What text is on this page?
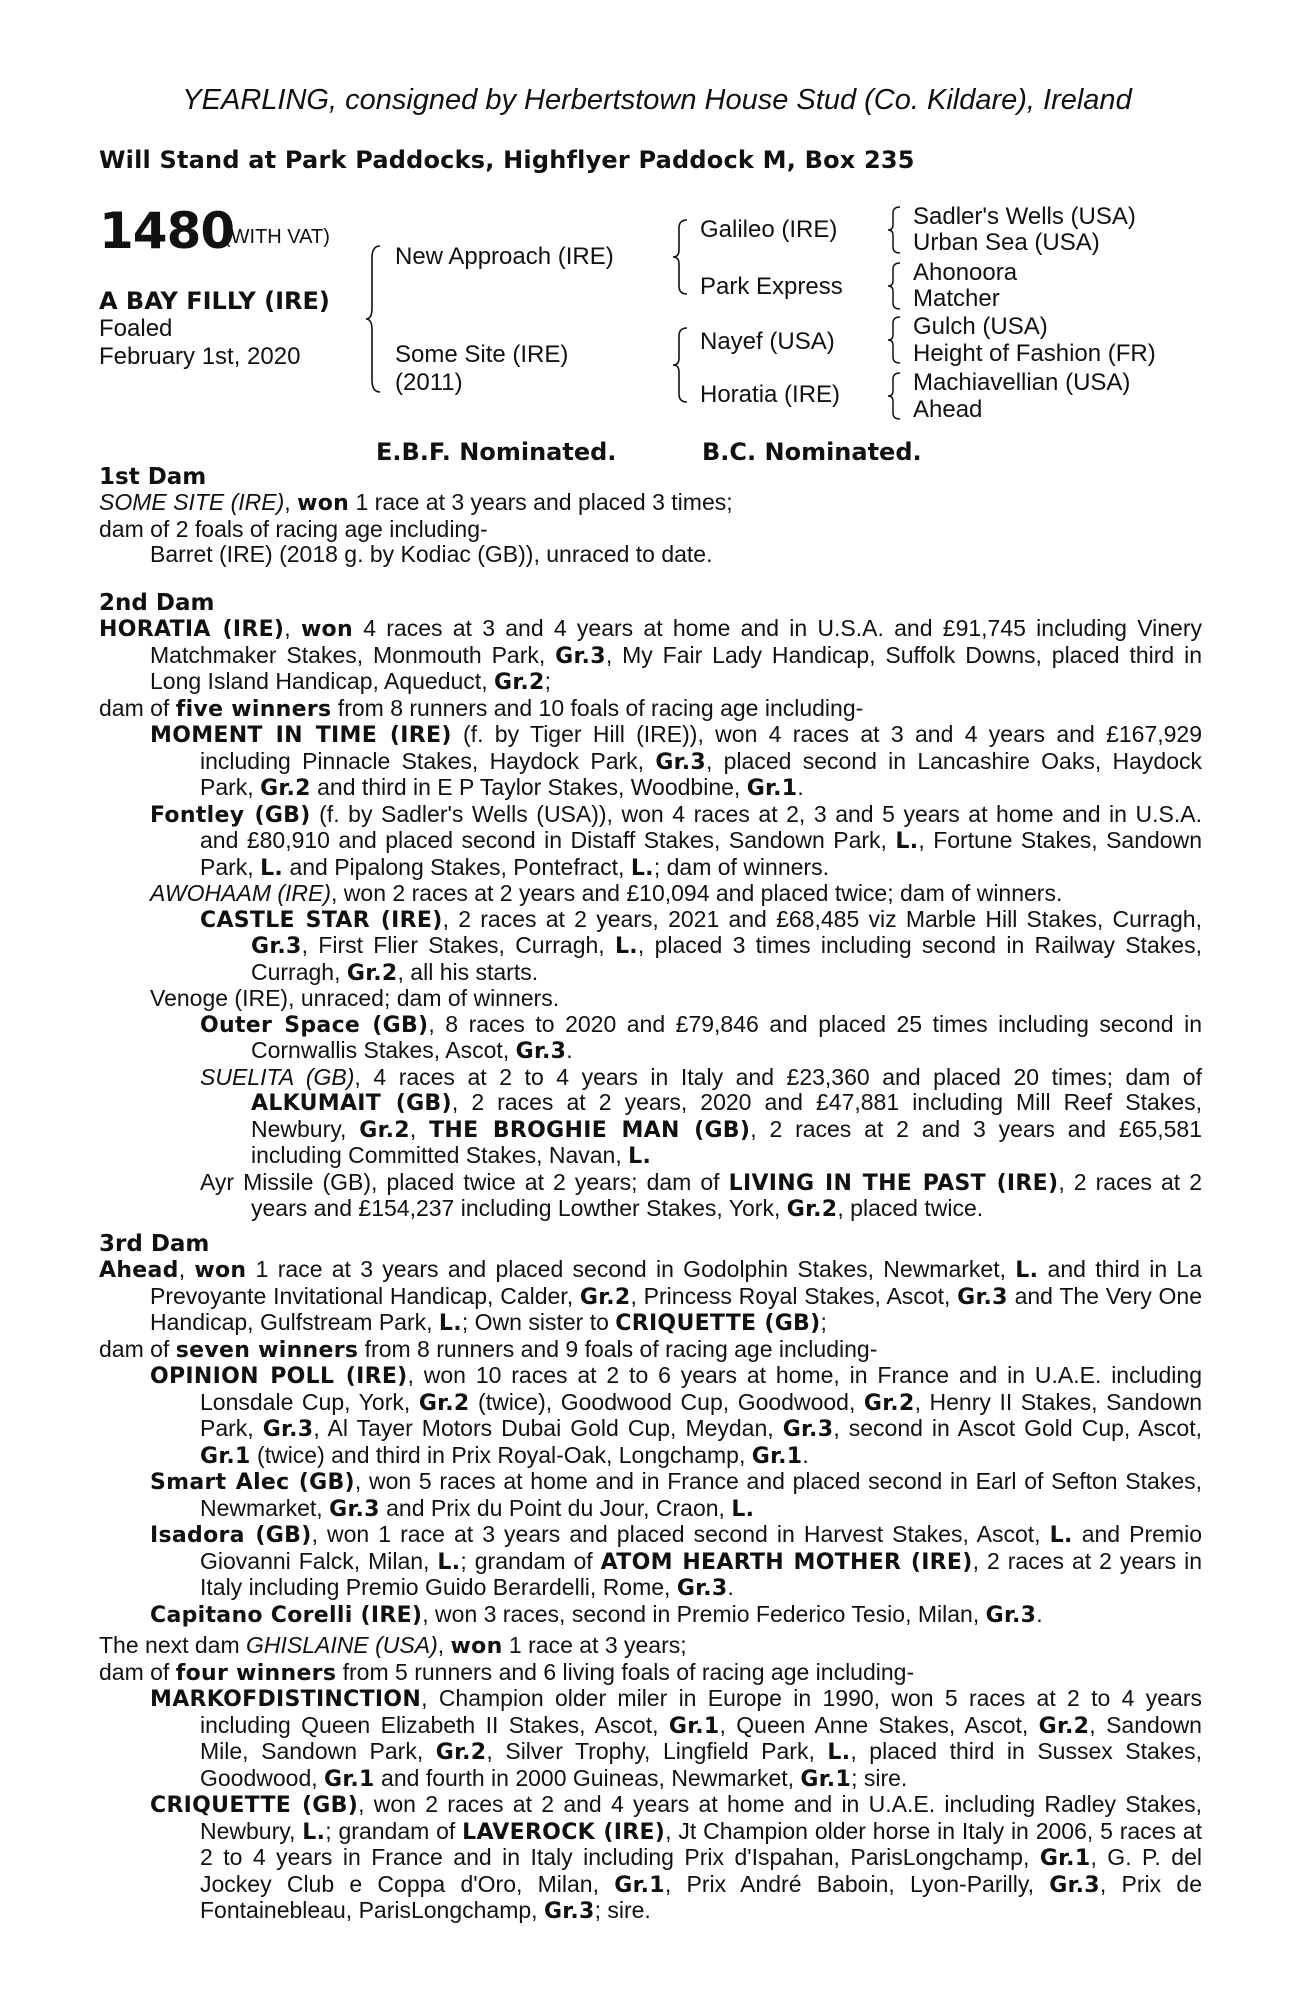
YEARLING, consigned by Herbertstown House Stud (Co. Kildare), Ireland
Will Stand at Park Paddocks, Highflyer Paddock M, Box 235
1480
(WITH VAT)
A BAY FILLY (IRE)
Foaled
February 1st, 2020
New Approach (IRE)
Some Site (IRE)
(2011)
Galileo (IRE)
Park Express
Nayef (USA)
Horatia (IRE)
Sadler's Wells (USA)
Urban Sea (USA)
Ahonoora
Matcher
Gulch (USA)
Height of Fashion (FR)
Machiavellian (USA)
Ahead
E.B.F. Nominated.	B.C. Nominated.
1st Dam

SOME SITE (IRE), won 1 race at 3 years and placed 3 times;

dam of 2 foals of racing age including-

Barret (IRE) (2018 g. by Kodiac (GB)), unraced to date.

2nd Dam

HORATIA (IRE), won 4 races at 3 and 4 years at home and in U.S.A. and £91,745 including Vinery Matchmaker Stakes, Monmouth Park, Gr.3, My Fair Lady Handicap, Suffolk Downs, placed third in Long Island Handicap, Aqueduct, Gr.2;

dam of five winners from 8 runners and 10 foals of racing age including-

MOMENT IN TIME (IRE) (f. by Tiger Hill (IRE)), won 4 races at 3 and 4 years and £167,929 including Pinnacle Stakes, Haydock Park, Gr.3, placed second in Lancashire Oaks, Haydock Park, Gr.2 and third in E P Taylor Stakes, Woodbine, Gr.1.

Fontley (GB) (f. by Sadler's Wells (USA)), won 4 races at 2, 3 and 5 years at home and in U.S.A. and £80,910 and placed second in Distaff Stakes, Sandown Park, L., Fortune Stakes, Sandown Park, L. and Pipalong Stakes, Pontefract, L.; dam of winners.

AWOHAAM (IRE), won 2 races at 2 years and £10,094 and placed twice; dam of winners.

CASTLE STAR (IRE), 2 races at 2 years, 2021 and £68,485 viz Marble Hill Stakes, Curragh, Gr.3, First Flier Stakes, Curragh, L., placed 3 times including second in Railway Stakes, Curragh, Gr.2, all his starts.

Venoge (IRE), unraced; dam of winners.

Outer Space (GB), 8 races to 2020 and £79,846 and placed 25 times including second in Cornwallis Stakes, Ascot, Gr.3.

SUELITA (GB), 4 races at 2 to 4 years in Italy and £23,360 and placed 20 times; dam of ALKUMAIT (GB), 2 races at 2 years, 2020 and £47,881 including Mill Reef Stakes, Newbury, Gr.2, THE BROGHIE MAN (GB), 2 races at 2 and 3 years and £65,581 including Committed Stakes, Navan, L.

Ayr Missile (GB), placed twice at 2 years; dam of LIVING IN THE PAST (IRE), 2 races at 2 years and £154,237 including Lowther Stakes, York, Gr.2, placed twice.

3rd Dam

Ahead, won 1 race at 3 years and placed second in Godolphin Stakes, Newmarket, L. and third in La Prevoyante Invitational Handicap, Calder, Gr.2, Princess Royal Stakes, Ascot, Gr.3 and The Very One Handicap, Gulfstream Park, L.; Own sister to CRIQUETTE (GB);

dam of seven winners from 8 runners and 9 foals of racing age including-

OPINION POLL (IRE), won 10 races at 2 to 6 years at home, in France and in U.A.E. including Lonsdale Cup, York, Gr.2 (twice), Goodwood Cup, Goodwood, Gr.2, Henry II Stakes, Sandown Park, Gr.3, Al Tayer Motors Dubai Gold Cup, Meydan, Gr.3, second in Ascot Gold Cup, Ascot, Gr.1 (twice) and third in Prix Royal-Oak, Longchamp, Gr.1.

Smart Alec (GB), won 5 races at home and in France and placed second in Earl of Sefton Stakes, Newmarket, Gr.3 and Prix du Point du Jour, Craon, L.

Isadora (GB), won 1 race at 3 years and placed second in Harvest Stakes, Ascot, L. and Premio Giovanni Falck, Milan, L.; grandam of ATOM HEARTH MOTHER (IRE), 2 races at 2 years in Italy including Premio Guido Berardelli, Rome, Gr.3.

Capitano Corelli (IRE), won 3 races, second in Premio Federico Tesio, Milan, Gr.3.

The next dam GHISLAINE (USA), won 1 race at 3 years;

dam of four winners from 5 runners and 6 living foals of racing age including-

MARKOFDISTINCTION, Champion older miler in Europe in 1990, won 5 races at 2 to 4 years including Queen Elizabeth II Stakes, Ascot, Gr.1, Queen Anne Stakes, Ascot, Gr.2, Sandown Mile, Sandown Park, Gr.2, Silver Trophy, Lingfield Park, L., placed third in Sussex Stakes, Goodwood, Gr.1 and fourth in 2000 Guineas, Newmarket, Gr.1; sire.

CRIQUETTE (GB), won 2 races at 2 and 4 years at home and in U.A.E. including Radley Stakes, Newbury, L.; grandam of LAVEROCK (IRE), Jt Champion older horse in Italy in 2006, 5 races at 2 to 4 years in France and in Italy including Prix d'Ispahan, ParisLongchamp, Gr.1, G. P. del Jockey Club e Coppa d'Oro, Milan, Gr.1, Prix André Baboin, Lyon-Parilly, Gr.3, Prix de Fontainebleau, ParisLongchamp, Gr.3; sire.
